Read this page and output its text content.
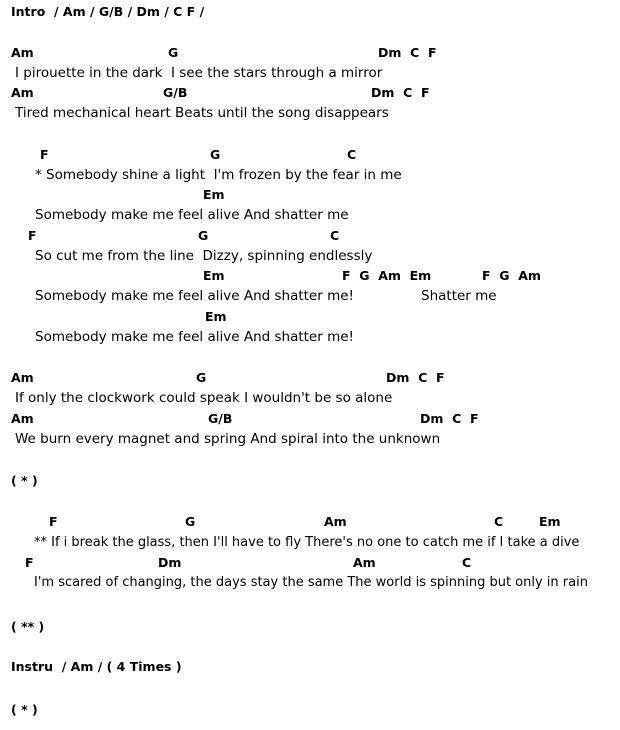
Intro  / Am / G/B / Dm / C F /
Am	G	Dm  C  F
I pirouette in the dark  I see the stars through a mirror
Am	G/B	Dm  C  F
Tired mechanical heart Beats until the song disappears
F	G	C
* Somebody shine a light  I'm frozen by the fear in me
Em
Somebody make me feel alive And shatter me
F	G	C
So cut me from the line  Dizzy, spinning endlessly
Em	F  G  Am  Em	F  G  Am
Somebody make me feel alive And shatter me!	Shatter me
Em
Somebody make me feel alive And shatter me!
Am	G	Dm  C  F
If only the clockwork could speak I wouldn't be so alone
Am	G/B	Dm  C  F
We burn every magnet and spring And spiral into the unknown
( * )
F	G	Am	C	Em
** If i break the glass, then I'll have to fly There's no one to catch me if I take a dive
F	Dm	Am	C
I'm scared of changing, the days stay the same The world is spinning but only in rain
( ** )
Instru  / Am / ( 4 Times )
( * )
